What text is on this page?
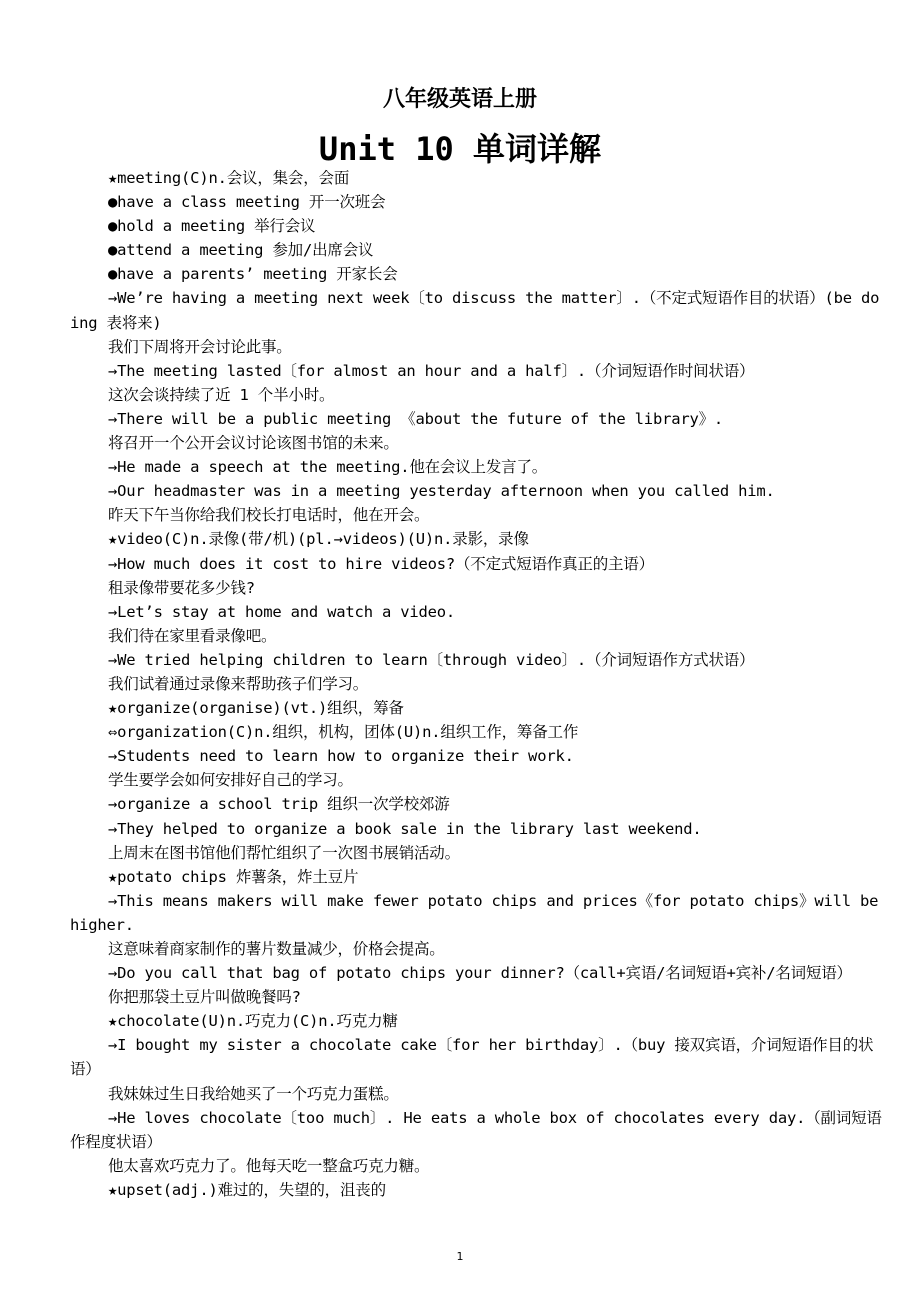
八年级英语上册
Unit 10 单词详解

★meeting(C)n.会议，集会，会面

●have a class meeting 开一次班会

●hold a meeting 举行会议

●attend a meeting 参加/出席会议

●have a parents’ meeting 开家长会

→We’re having a meeting next week〔to discuss the matter〕.（不定式短语作目的状语）(be doing 表将来)

我们下周将开会讨论此事。

→The meeting lasted〔for almost an hour and a half〕.（介词短语作时间状语）

这次会谈持续了近 1 个半小时。

→There will be a public meeting 《about the future of the library》.

将召开一个公开会议讨论该图书馆的未来。

→He made a speech at the meeting.他在会议上发言了。

→Our headmaster was in a meeting yesterday afternoon when you called him.

昨天下午当你给我们校长打电话时，他在开会。

★video(C)n.录像(带/机)(pl.→videos)(U)n.录影，录像

→How much does it cost to hire videos?（不定式短语作真正的主语）

租录像带要花多少钱?

→Let’s stay at home and watch a video.

我们待在家里看录像吧。

→We tried helping children to learn〔through video〕.（介词短语作方式状语）

我们试着通过录像来帮助孩子们学习。

★organize(organise)(vt.)组织，筹备

⇔organization(C)n.组织，机构，团体(U)n.组织工作，筹备工作

→Students need to learn how to organize their work.

学生要学会如何安排好自己的学习。

→organize a school trip 组织一次学校郊游

→They helped to organize a book sale in the library last weekend.

上周末在图书馆他们帮忙组织了一次图书展销活动。

★potato chips 炸薯条，炸土豆片

→This means makers will make fewer potato chips and prices《for potato chips》will be higher.

这意味着商家制作的薯片数量减少，价格会提高。

→Do you call that bag of potato chips your dinner?（call+宾语/名词短语+宾补/名词短语）

你把那袋土豆片叫做晚餐吗?

★chocolate(U)n.巧克力(C)n.巧克力糖

→I bought my sister a chocolate cake〔for her birthday〕.（buy 接双宾语，介词短语作目的状语）

我妹妹过生日我给她买了一个巧克力蛋糕。

→He loves chocolate〔too much〕. He eats a whole box of chocolates every day.（副词短语作程度状语）

他太喜欢巧克力了。他每天吃一整盒巧克力糖。

★upset(adj.)难过的，失望的，沮丧的

1
